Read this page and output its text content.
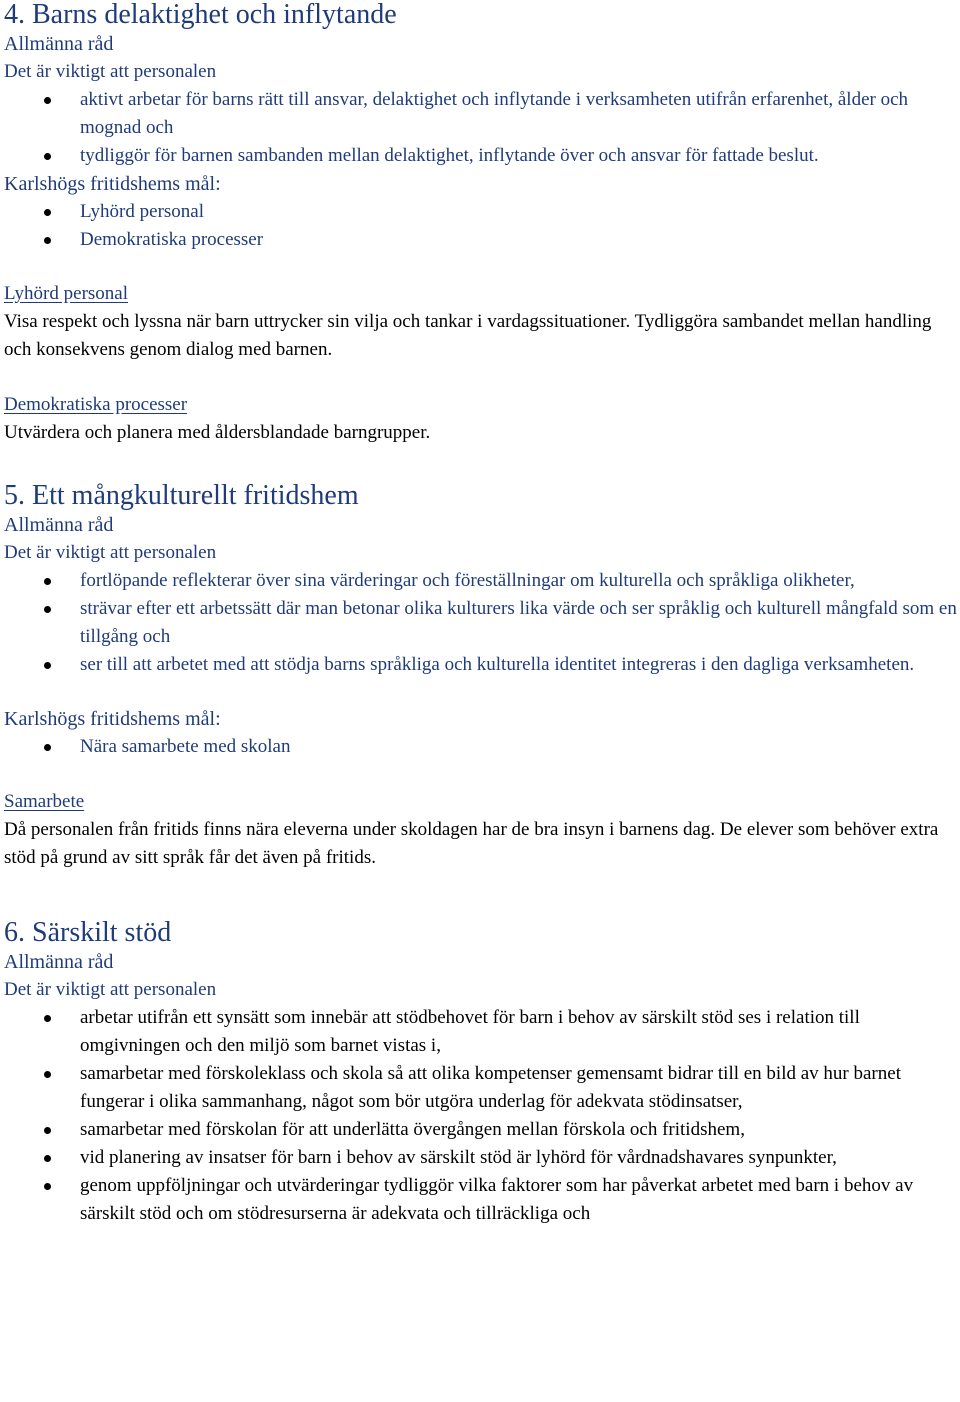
4. Barns delaktighet och inflytande

Allmänna råd

Det är viktigt att personalen

aktivt arbetar för barns rätt till ansvar, delaktighet och inflytande i verksamheten utifrån erfarenhet, ålder och mognad och
tydliggör för barnen sambanden mellan delaktighet, inflytande över och ansvar för fattade beslut.

Karlshögs fritidshems mål:

Lyhörd personal
Demokratiska processer

Lyhörd personal

Visa respekt och lyssna när barn uttrycker sin vilja och tankar i vardagssituationer. Tydliggöra sambandet mellan handling och konsekvens genom dialog med barnen.

Demokratiska processer

Utvärdera och planera med åldersblandade barngrupper.

5. Ett mångkulturellt fritidshem

Allmänna råd

Det är viktigt att personalen

fortlöpande reflekterar över sina värderingar och föreställningar om kulturella och språkliga olikheter,
strävar efter ett arbetssätt där man betonar olika kulturers lika värde och ser språklig och kulturell mångfald som en tillgång och
ser till att arbetet med att stödja barns språkliga och kulturella identitet integreras i den dagliga verksamheten.

Karlshögs fritidshems mål:

Nära samarbete med skolan

Samarbete

Då personalen från fritids finns nära eleverna under skoldagen har de bra insyn i barnens dag. De elever som behöver extra stöd på grund av sitt språk får det även på fritids.

6. Särskilt stöd

Allmänna råd

Det är viktigt att personalen

arbetar utifrån ett synsätt som innebär att stödbehovet för barn i behov av särskilt stöd ses i relation till omgivningen och den miljö som barnet vistas i,
samarbetar med förskoleklass och skola så att olika kompetenser gemensamt bidrar till en bild av hur barnet fungerar i olika sammanhang, något som bör utgöra underlag för adekvata stödinsatser,
samarbetar med förskolan för att underlätta övergången mellan förskola och fritidshem,
vid planering av insatser för barn i behov av särskilt stöd är lyhörd för vårdnadshavares synpunkter,
genom uppföljningar och utvärderingar tydliggör vilka faktorer som har påverkat arbetet med barn i behov av särskilt stöd och om stödresurserna är adekvata och tillräckliga och
